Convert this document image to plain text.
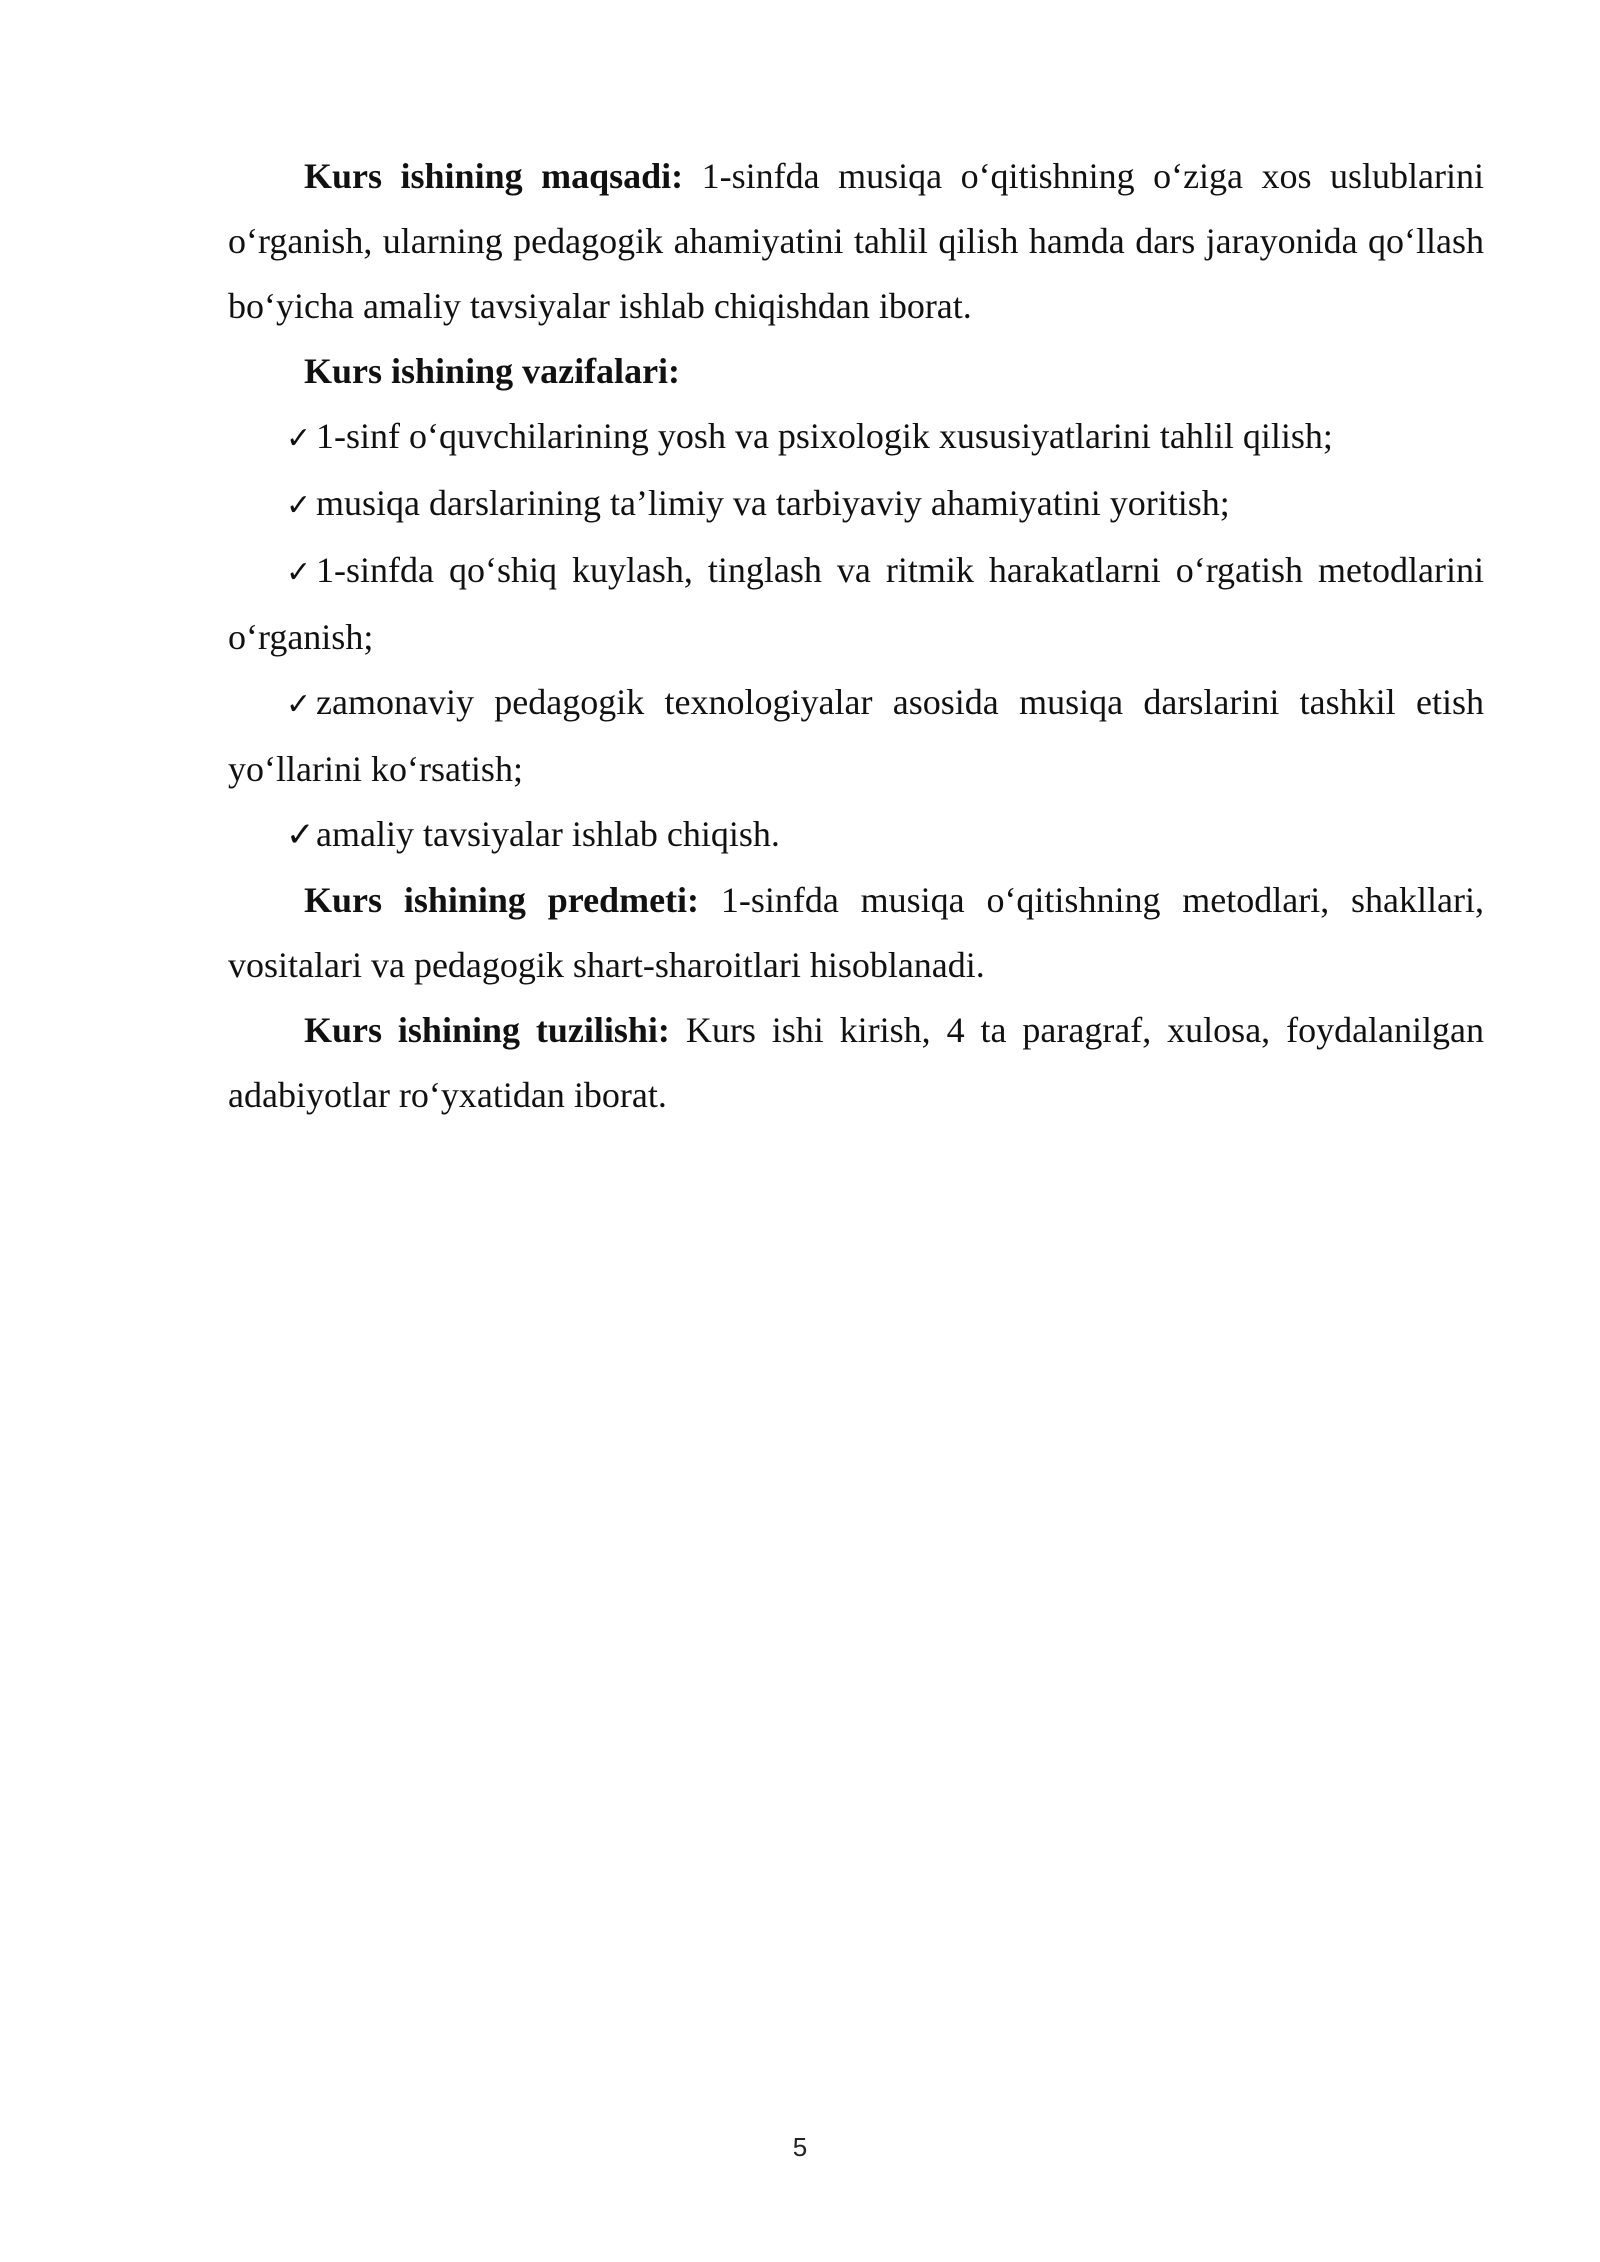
Kurs ishining maqsadi: 1-sinfda musiqa o‘qitishning o‘ziga xos uslublarini o‘rganish, ularning pedagogik ahamiyatini tahlil qilish hamda dars jarayonida qo‘llash bo‘yicha amaliy tavsiyalar ishlab chiqishdan iborat.

Kurs ishining vazifalari:

✓ 1-sinf o‘quvchilarining yosh va psixologik xususiyatlarini tahlil qilish;

✓ musiqa darslarining ta’limiy va tarbiyaviy ahamiyatini yoritish;

✓ 1-sinfda qo‘shiq kuylash, tinglash va ritmik harakatlarni o‘rgatish metodlarini o‘rganish;

✓ zamonaviy pedagogik texnologiyalar asosida musiqa darslarini tashkil etish yo‘llarini ko‘rsatish;

✓amaliy tavsiyalar ishlab chiqish.

Kurs ishining predmeti: 1-sinfda musiqa o‘qitishning metodlari, shakllari, vositalari va pedagogik shart-sharoitlari hisoblanadi.

Kurs ishining tuzilishi: Kurs ishi kirish, 4 ta paragraf, xulosa, foydalanilgan adabiyotlar ro‘yxatidan iborat.

5
